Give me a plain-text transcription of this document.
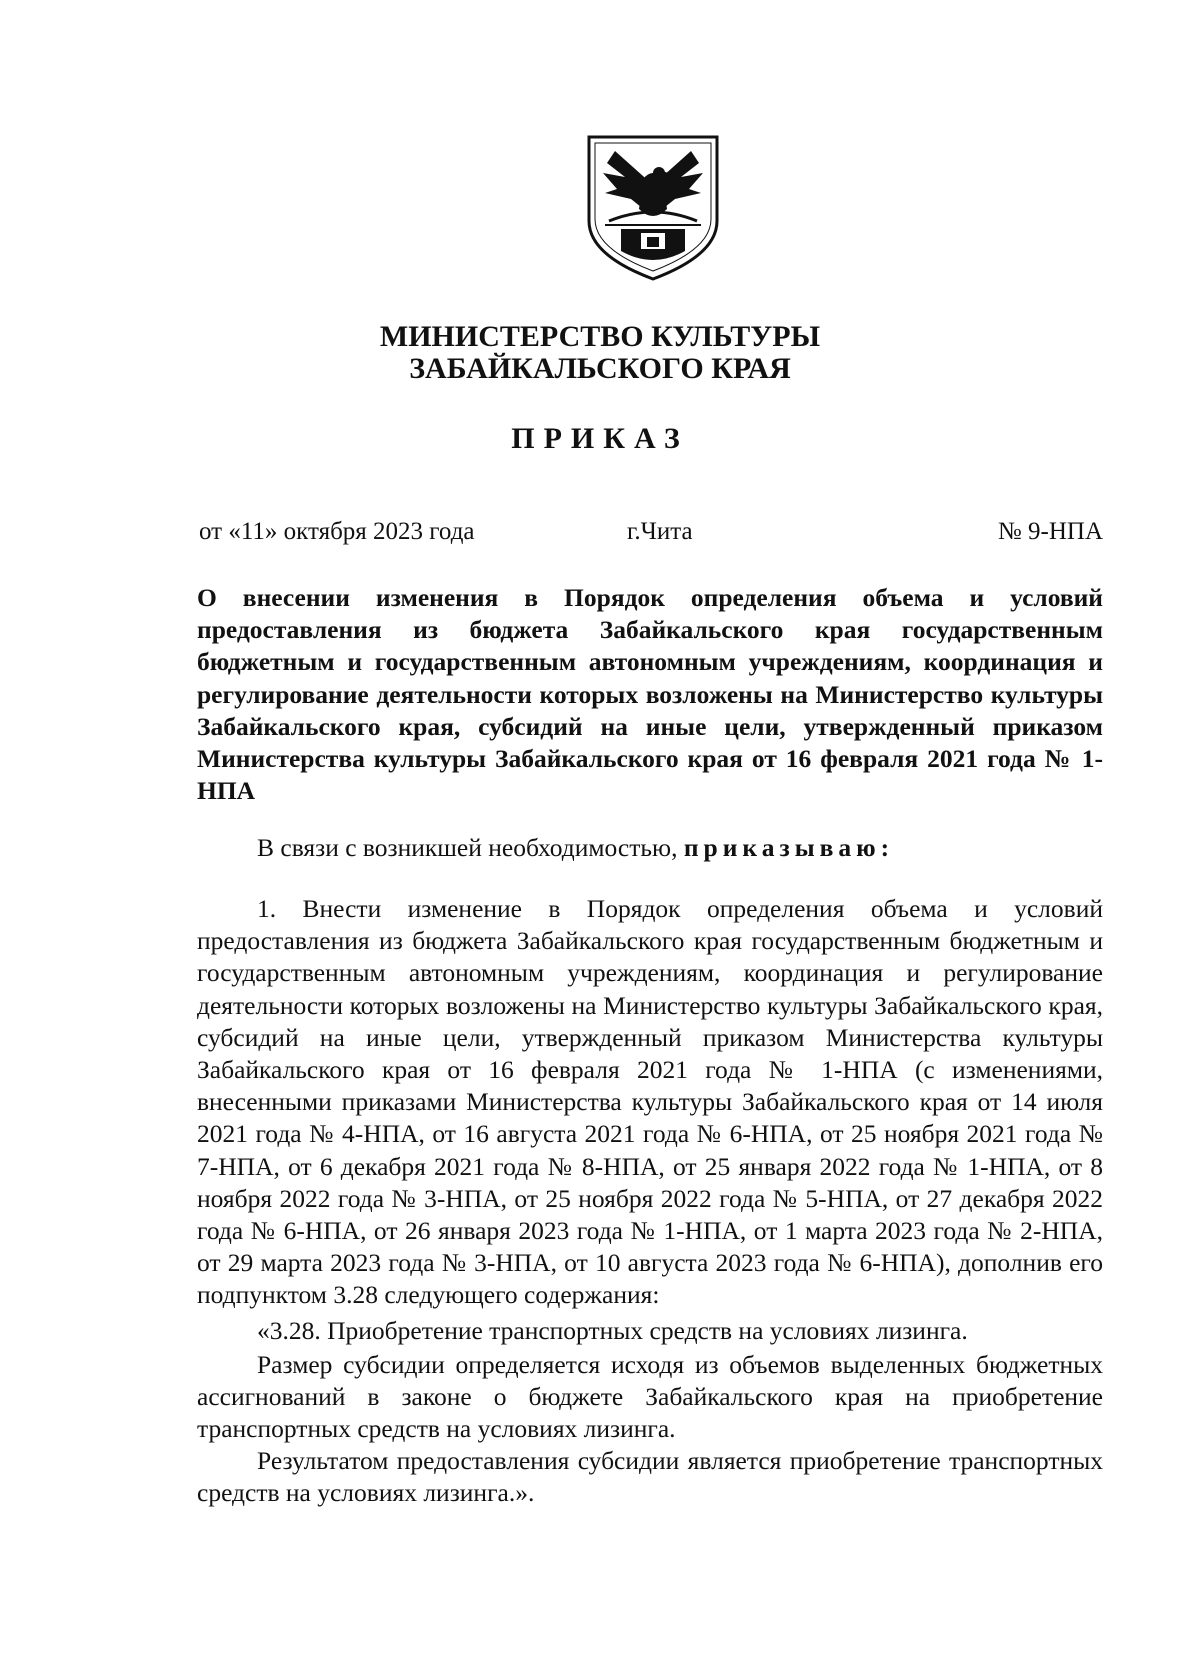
МИНИСТЕРСТВО КУЛЬТУРЫ
ЗАБАЙКАЛЬСКОГО КРАЯ
ПРИКАЗ
от «11» октября 2023 года	г.Чита	№ 9-НПА
О внесении изменения в Порядок определения объема и условий предоставления из бюджета Забайкальского края государственным бюджетным и государственным автономным учреждениям, координация и регулирование деятельности которых возложены на Министерство культуры Забайкальского края, субсидий на иные цели, утвержденный приказом Министерства культуры Забайкальского края от 16 февраля 2021 года № 1-НПА
В связи с возникшей необходимостью, приказываю:
1. Внести изменение в Порядок определения объема и условий предоставления из бюджета Забайкальского края государственным бюджетным и государственным автономным учреждениям, координация и регулирование деятельности которых возложены на Министерство культуры Забайкальского края, субсидий на иные цели, утвержденный приказом Министерства культуры Забайкальского края от 16 февраля 2021 года № 1-НПА (с изменениями, внесенными приказами Министерства культуры Забайкальского края от 14 июля 2021 года № 4-НПА, от 16 августа 2021 года № 6-НПА, от 25 ноября 2021 года № 7-НПА, от 6 декабря 2021 года № 8-НПА, от 25 января 2022 года № 1-НПА, от 8 ноября 2022 года № 3-НПА, от 25 ноября 2022 года № 5-НПА, от 27 декабря 2022 года № 6-НПА, от 26 января 2023 года № 1-НПА, от 1 марта 2023 года № 2-НПА, от 29 марта 2023 года № 3-НПА, от 10 августа 2023 года № 6-НПА), дополнив его подпунктом 3.28 следующего содержания:
«3.28. Приобретение транспортных средств на условиях лизинга.
Размер субсидии определяется исходя из объемов выделенных бюджетных ассигнований в законе о бюджете Забайкальского края на приобретение транспортных средств на условиях лизинга.
Результатом предоставления субсидии является приобретение транспортных средств на условиях лизинга.».
